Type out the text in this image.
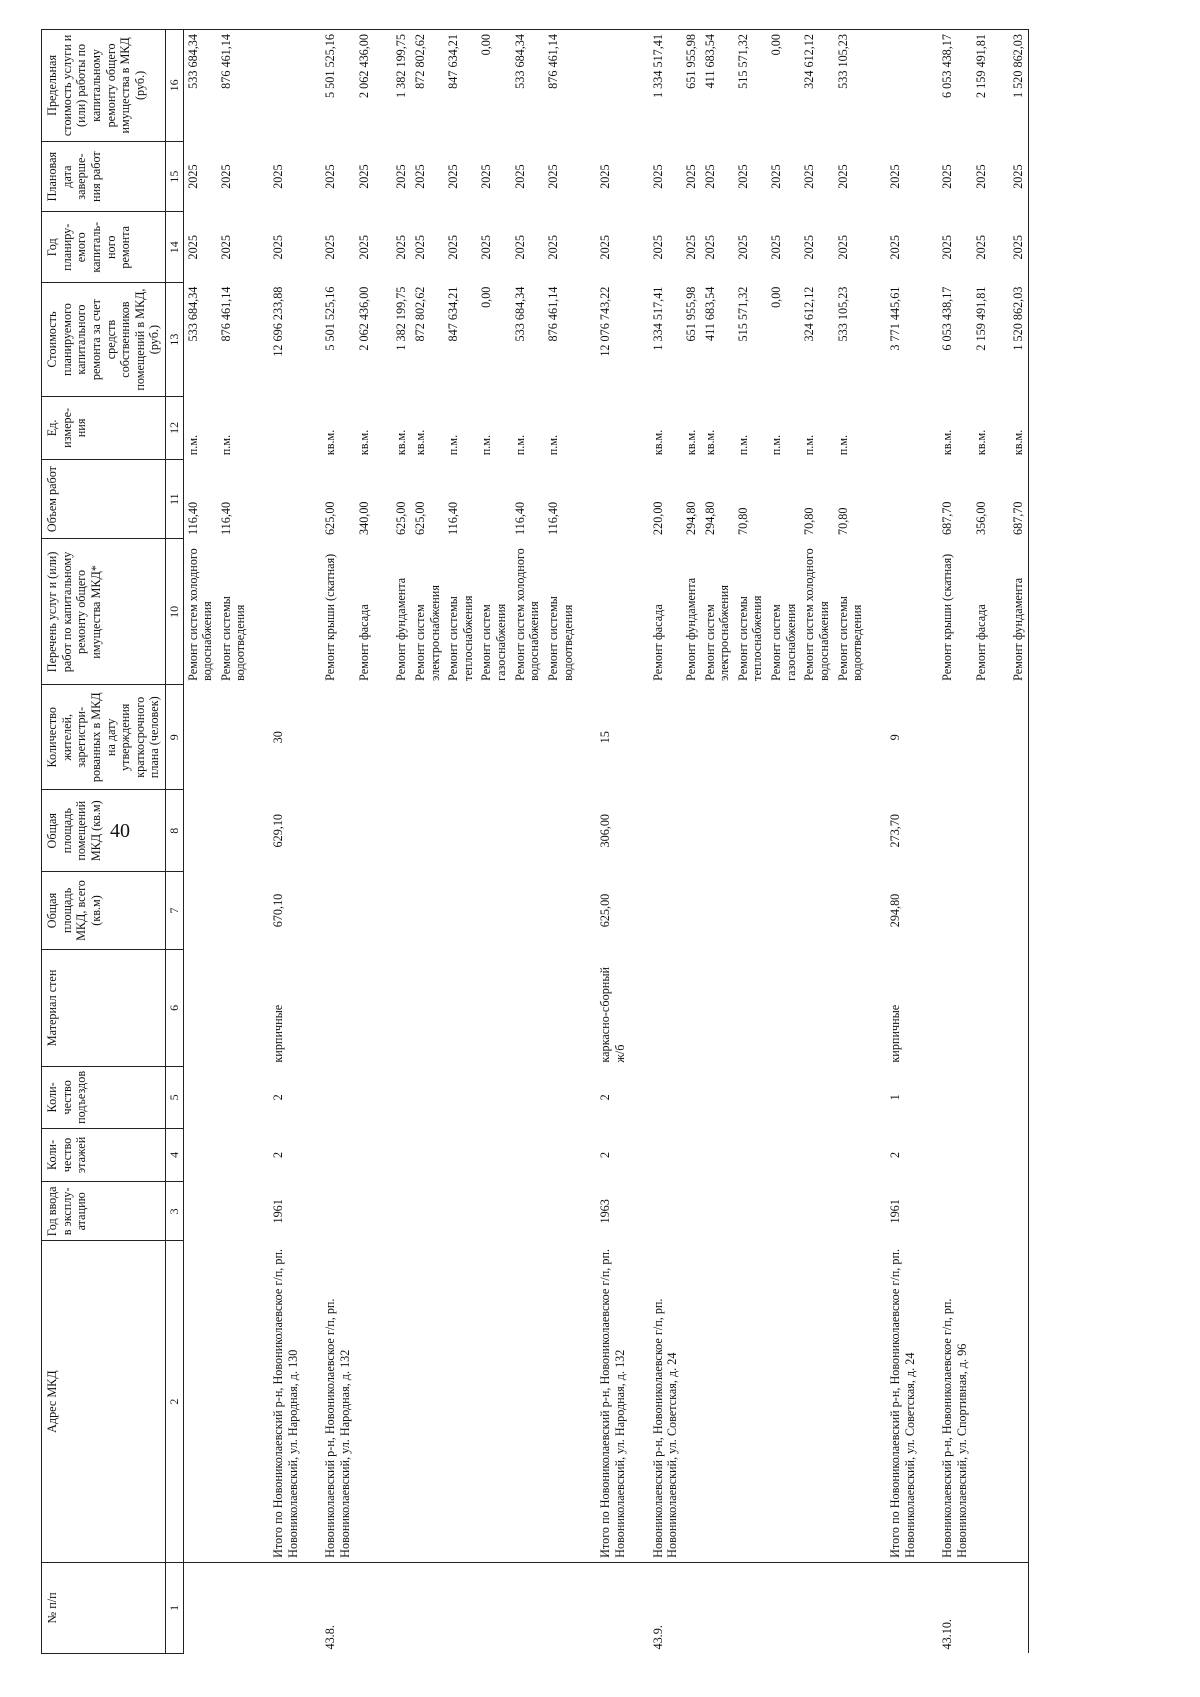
40
№ п/п	Адрес МКД	Год ввода в эксплу-атацию	Коли-чество этажей	Коли-чество подъездов	Материал стен	Общая площадь МКД, всего (кв.м)	Общая площадь помещений МКД (кв.м)	Количество жителей, зарегистри-рованных в МКД на дату утверждения краткосрочного плана (человек)	Перечень услуг и (или) работ по капитальному ремонту общего имущества МКД*	Объем работ	Ед. измере-ния	Стоимость планируемого капитального ремонта за счет средств собственников помещений в МКД, (руб.)	Год планиру-емого капиталь-ного ремонта	Плановая дата заверше-ния работ	Предельная стоимость услуги и (или) работы по капитальному ремонту общего имущества в МКД (руб.)
1	2	3	4	5	6	7	8	9	10	11	12	13	14	15	16
									Ремонт систем холодного водоснабжения	116,40	п.м.	533 684,34	2025	2025	533 684,34
									Ремонт системы водоотведения	116,40	п.м.	876 461,14	2025	2025	876 461,14

	Итого по Новониколаевский р-н, Новониколаевское г/п, рп. Новониколаевский, ул. Народная, д. 130	1961	2	2	кирпичные	670,10	629,10	30				12 696 233,88	2025	2025	

43.8.	Новониколаевский р-н, Новониколаевское г/п, рп. Новониколаевский, ул. Народная, д. 132								Ремонт крыши (скатная)	625,00	кв.м.	5 501 525,16	2025	2025	5 501 525,16
									Ремонт фасада	340,00	кв.м.	2 062 436,00	2025	2025	2 062 436,00

									Ремонт фундамента	625,00	кв.м.	1 382 199,75	2025	2025	1 382 199,75
									Ремонт систем электроснабжения	625,00	кв.м.	872 802,62	2025	2025	872 802,62
									Ремонт системы теплоснабжения	116,40	п.м.	847 634,21	2025	2025	847 634,21
									Ремонт систем газоснабжения		п.м.	0,00	2025	2025	0,00
									Ремонт систем холодного водоснабжения	116,40	п.м.	533 684,34	2025	2025	533 684,34
									Ремонт системы водоотведения	116,40	п.м.	876 461,14	2025	2025	876 461,14

	Итого по Новониколаевский р-н, Новониколаевское г/п, рп. Новониколаевский, ул. Народная, д. 132	1963	2	2	каркасно-сборный ж/б	625,00	306,00	15				12 076 743,22	2025	2025	

43.9.	Новониколаевский р-н, Новониколаевское г/п, рп. Новониколаевский, ул. Советская, д. 24								Ремонт фасада	220,00	кв.м.	1 334 517,41	2025	2025	1 334 517,41
									Ремонт фундамента	294,80	кв.м.	651 955,98	2025	2025	651 955,98
									Ремонт систем электроснабжения	294,80	кв.м.	411 683,54	2025	2025	411 683,54
									Ремонт системы теплоснабжения	70,80	п.м.	515 571,32	2025	2025	515 571,32
									Ремонт систем газоснабжения		п.м.	0,00	2025	2025	0,00
									Ремонт систем холодного водоснабжения	70,80	п.м.	324 612,12	2025	2025	324 612,12
									Ремонт системы водоотведения	70,80	п.м.	533 105,23	2025	2025	533 105,23

	Итого по Новониколаевский р-н, Новониколаевское г/п, рп. Новониколаевский, ул. Советская, д. 24	1961	2	1	кирпичные	294,80	273,70	9				3 771 445,61	2025	2025	

43.10.	Новониколаевский р-н, Новониколаевское г/п, рп. Новониколаевский, ул. Спортивная, д. 96								Ремонт крыши (скатная)	687,70	кв.м.	6 053 438,17	2025	2025	6 053 438,17
									Ремонт фасада	356,00	кв.м.	2 159 491,81	2025	2025	2 159 491,81

									Ремонт фундамента	687,70	кв.м.	1 520 862,03	2025	2025	1 520 862,03
